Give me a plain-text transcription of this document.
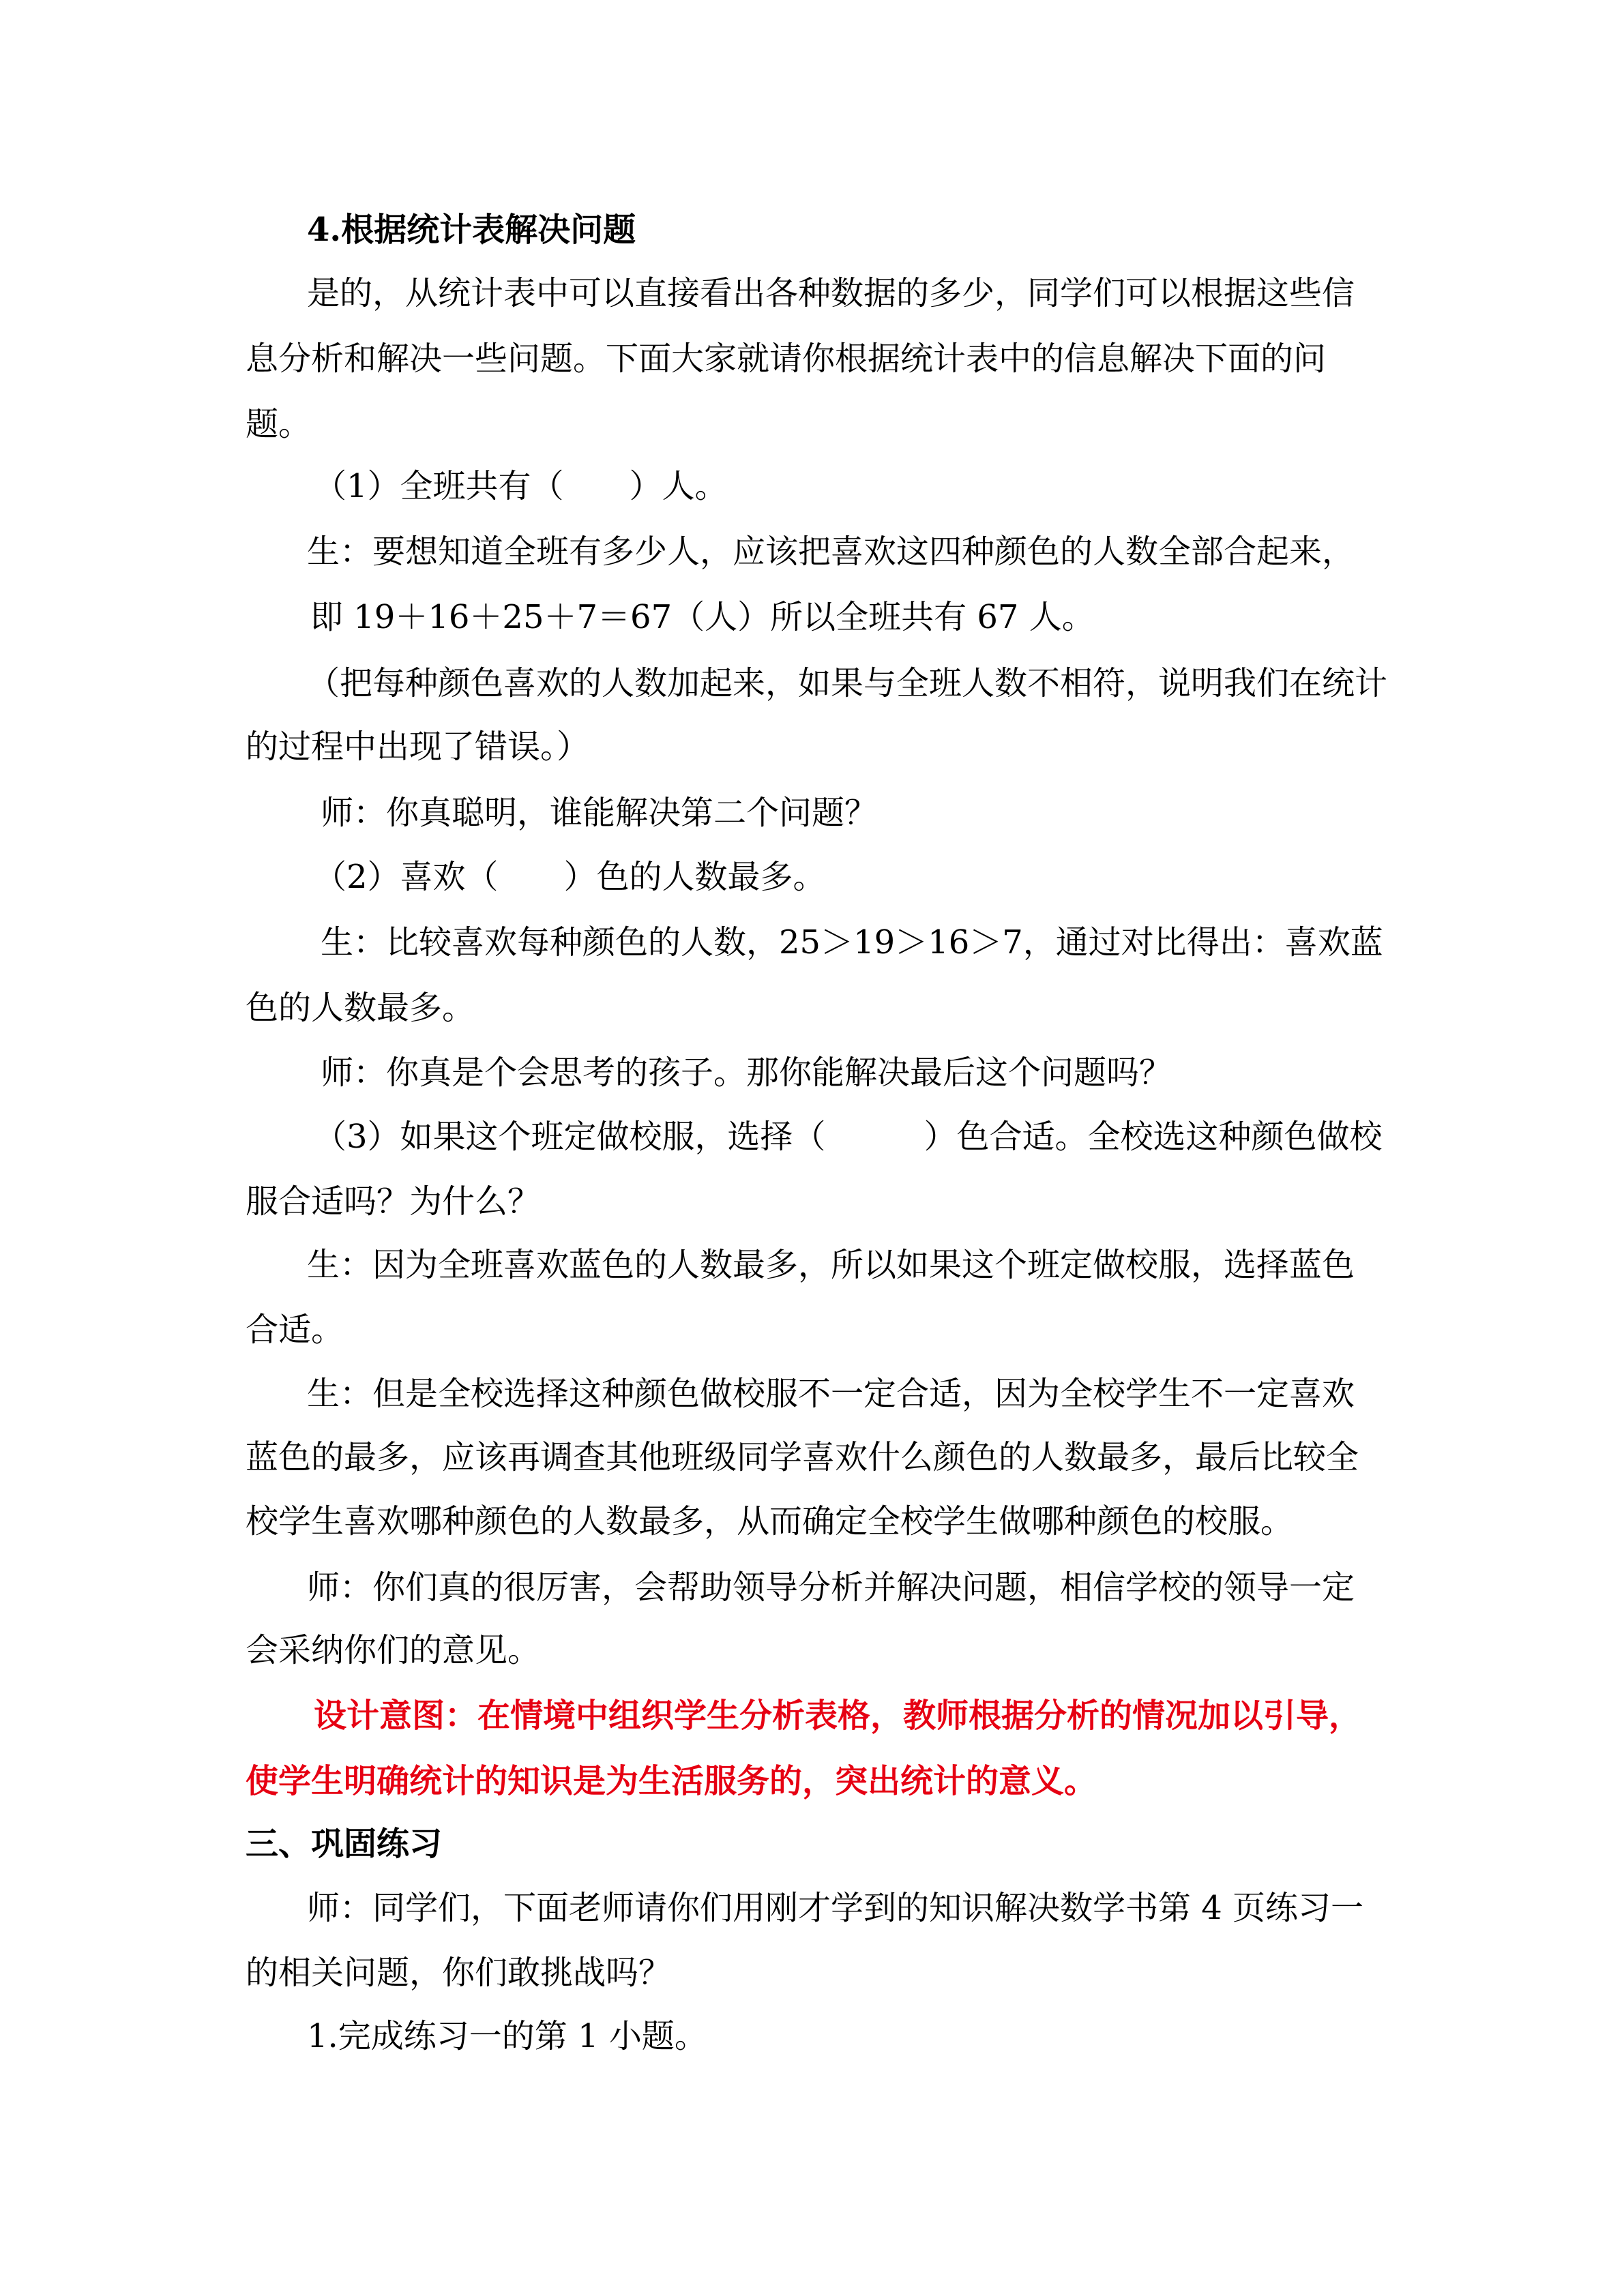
4.根据统计表解决问题

是的，从统计表中可以直接看出各种数据的多少，同学们可以根据这些信

息分析和解决一些问题。下面大家就请你根据统计表中的信息解决下面的问

题。

（1）全班共有（　　）人。

生：要想知道全班有多少人，应该把喜欢这四种颜色的人数全部合起来，

即 19＋16＋25＋7＝67（人）所以全班共有 67 人。

（把每种颜色喜欢的人数加起来，如果与全班人数不相符，说明我们在统计

的过程中出现了错误。）

师：你真聪明，谁能解决第二个问题？

（2）喜欢（　　）色的人数最多。

生：比较喜欢每种颜色的人数，25＞19＞16＞7，通过对比得出：喜欢蓝

色的人数最多。

师：你真是个会思考的孩子。那你能解决最后这个问题吗？

（3）如果这个班定做校服，选择（　　　）色合适。全校选这种颜色做校

服合适吗？为什么？

生：因为全班喜欢蓝色的人数最多，所以如果这个班定做校服，选择蓝色

合适。

生：但是全校选择这种颜色做校服不一定合适，因为全校学生不一定喜欢

蓝色的最多，应该再调查其他班级同学喜欢什么颜色的人数最多，最后比较全

校学生喜欢哪种颜色的人数最多，从而确定全校学生做哪种颜色的校服。

师：你们真的很厉害，会帮助领导分析并解决问题，相信学校的领导一定

会采纳你们的意见。

设计意图：在情境中组织学生分析表格，教师根据分析的情况加以引导，

使学生明确统计的知识是为生活服务的，突出统计的意义。

三、巩固练习

师：同学们，下面老师请你们用刚才学到的知识解决数学书第 4 页练习一

的相关问题，你们敢挑战吗？

1.完成练习一的第 1 小题。
